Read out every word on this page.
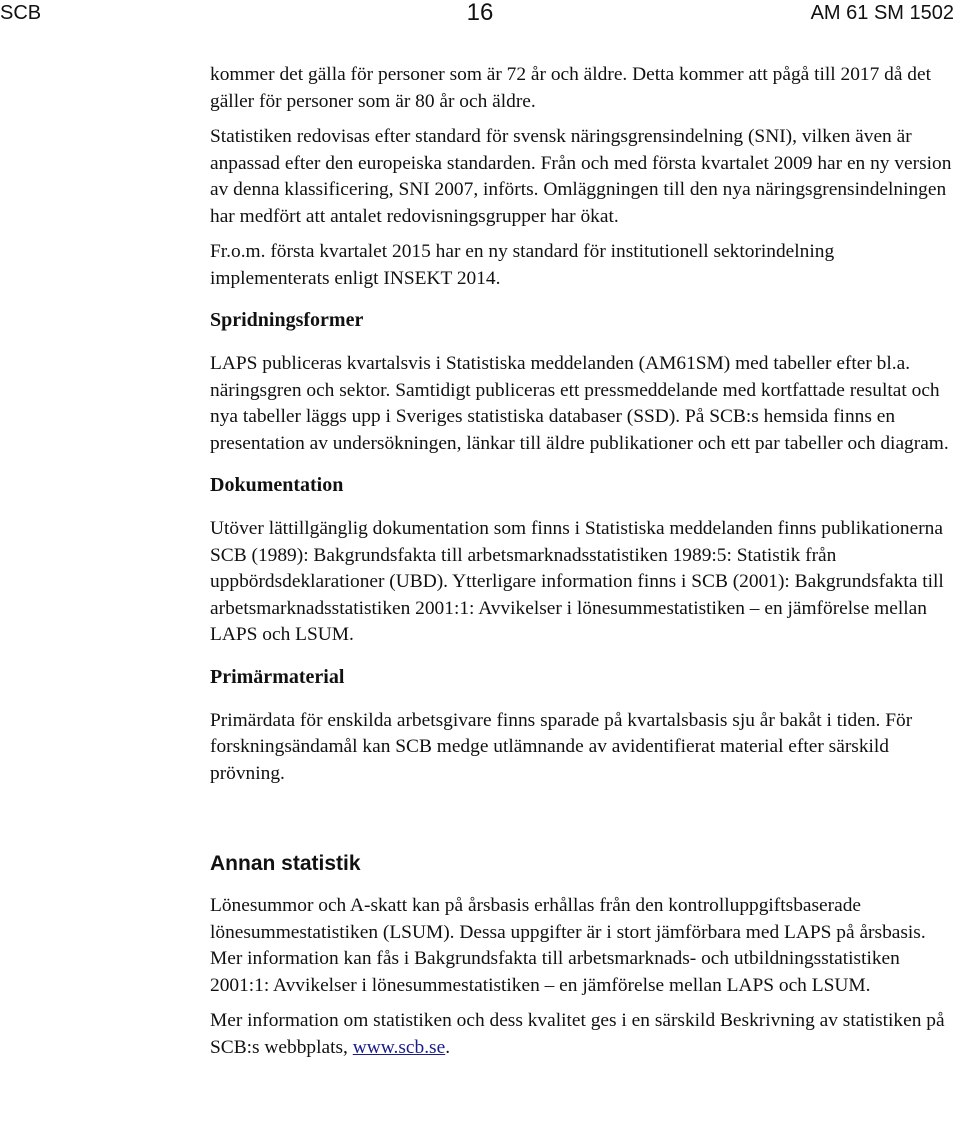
SCB	16	AM 61 SM 1502

kommer det gälla för personer som är 72 år och äldre. Detta kommer att pågå till 2017 då det gäller för personer som är 80 år och äldre.

Statistiken redovisas efter standard för svensk näringsgrensindelning (SNI), vilken även är anpassad efter den europeiska standarden. Från och med första kvartalet 2009 har en ny version av denna klassificering, SNI 2007, införts. Omläggningen till den nya näringsgrensindelningen har medfört att antalet redovisningsgrupper har ökat.

Fr.o.m. första kvartalet 2015 har en ny standard för institutionell sektorindelning implementerats enligt INSEKT 2014.

Spridningsformer

LAPS publiceras kvartalsvis i Statistiska meddelanden (AM61SM) med tabeller efter bl.a. näringsgren och sektor. Samtidigt publiceras ett pressmeddelande med kortfattade resultat och nya tabeller läggs upp i Sveriges statistiska databaser (SSD). På SCB:s hemsida finns en presentation av undersökningen, länkar till äldre publikationer och ett par tabeller och diagram.

Dokumentation

Utöver lättillgänglig dokumentation som finns i Statistiska meddelanden finns publikationerna SCB (1989): Bakgrundsfakta till arbetsmarknadsstatistiken 1989:5: Statistik från uppbördsdeklarationer (UBD). Ytterligare information finns i SCB (2001): Bakgrundsfakta till arbetsmarknadsstatistiken 2001:1: Avvikelser i lönesummestatistiken – en jämförelse mellan LAPS och LSUM.

Primärmaterial

Primärdata för enskilda arbetsgivare finns sparade på kvartalsbasis sju år bakåt i tiden. För forskningsändamål kan SCB medge utlämnande av avidentifierat material efter särskild prövning.

Annan statistik

Lönesummor och A-skatt kan på årsbasis erhållas från den kontrolluppgiftsbaserade lönesummestatistiken (LSUM). Dessa uppgifter är i stort jämförbara med LAPS på årsbasis. Mer information kan fås i Bakgrundsfakta till arbetsmarknads- och utbildningsstatistiken 2001:1: Avvikelser i lönesummestatistiken – en jämförelse mellan LAPS och LSUM.

Mer information om statistiken och dess kvalitet ges i en särskild Beskrivning av statistiken på SCB:s webbplats, www.scb.se.
